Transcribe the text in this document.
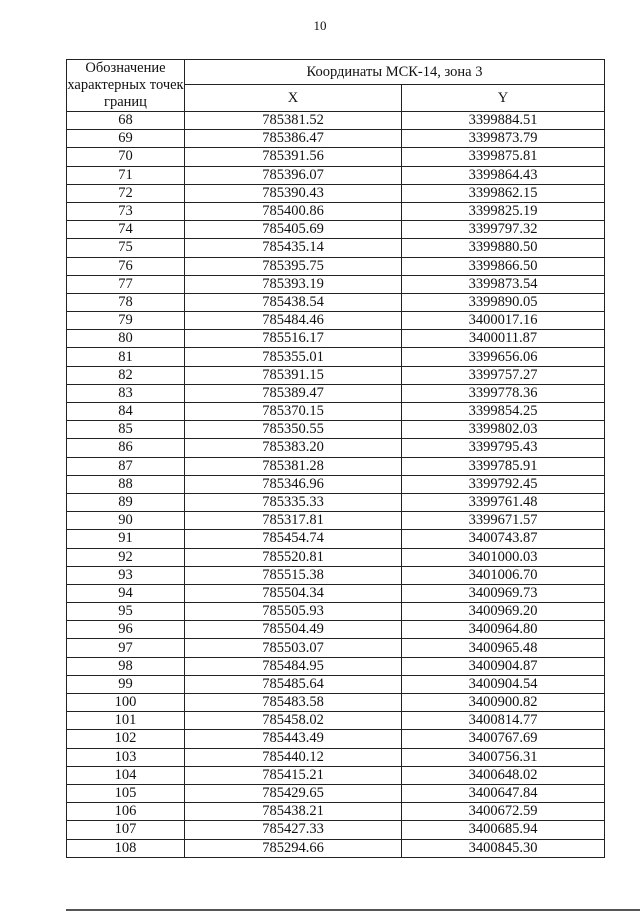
10
Обозначение характерных точек границ	Координаты МСК-14, зона 3	
	X	Y
68	785381.52	3399884.51
69	785386.47	3399873.79
70	785391.56	3399875.81
71	785396.07	3399864.43
72	785390.43	3399862.15
73	785400.86	3399825.19
74	785405.69	3399797.32
75	785435.14	3399880.50
76	785395.75	3399866.50
77	785393.19	3399873.54
78	785438.54	3399890.05
79	785484.46	3400017.16
80	785516.17	3400011.87
81	785355.01	3399656.06
82	785391.15	3399757.27
83	785389.47	3399778.36
84	785370.15	3399854.25
85	785350.55	3399802.03
86	785383.20	3399795.43
87	785381.28	3399785.91
88	785346.96	3399792.45
89	785335.33	3399761.48
90	785317.81	3399671.57
91	785454.74	3400743.87
92	785520.81	3401000.03
93	785515.38	3401006.70
94	785504.34	3400969.73
95	785505.93	3400969.20
96	785504.49	3400964.80
97	785503.07	3400965.48
98	785484.95	3400904.87
99	785485.64	3400904.54
100	785483.58	3400900.82
101	785458.02	3400814.77
102	785443.49	3400767.69
103	785440.12	3400756.31
104	785415.21	3400648.02
105	785429.65	3400647.84
106	785438.21	3400672.59
107	785427.33	3400685.94
108	785294.66	3400845.30
